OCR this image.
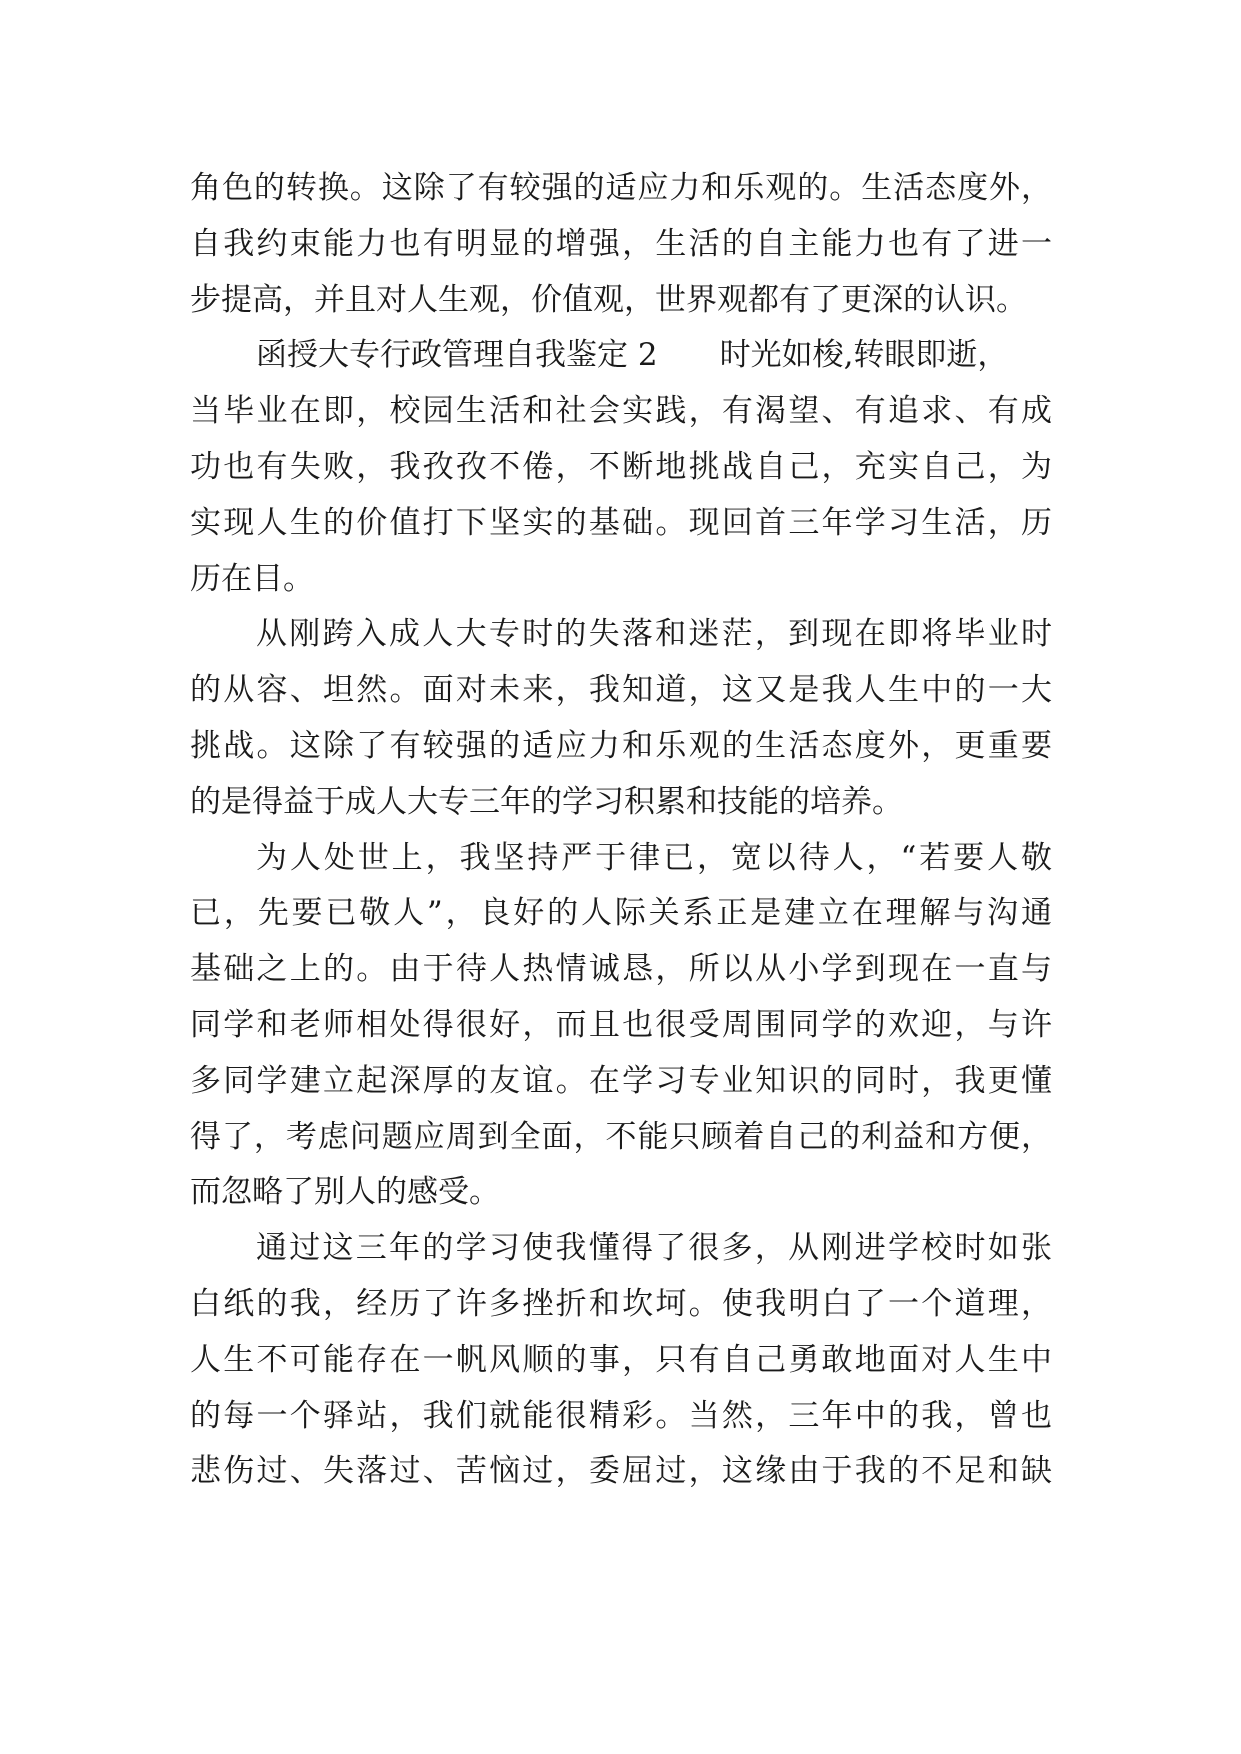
角色的转换。这除了有较强的适应力和乐观的。生活态度外，
自我约束能力也有明显的增强，生活的自主能力也有了进一
步提高，并且对人生观，价值观，世界观都有了更深的认识。
函授大专行政管理自我鉴定 2 时光如梭,转眼即逝，
当毕业在即，校园生活和社会实践，有渴望、有追求、有成
功也有失败，我孜孜不倦，不断地挑战自己，充实自己，为
实现人生的价值打下坚实的基础。现回首三年学习生活，历
历在目。
从刚跨入成人大专时的失落和迷茫，到现在即将毕业时
的从容、坦然。面对未来，我知道，这又是我人生中的一大
挑战。这除了有较强的适应力和乐观的生活态度外，更重要
的是得益于成人大专三年的学习积累和技能的培养。
为人处世上，我坚持严于律已，宽以待人，“若要人敬
已，先要已敬人”，良好的人际关系正是建立在理解与沟通
基础之上的。由于待人热情诚恳，所以从小学到现在一直与
同学和老师相处得很好，而且也很受周围同学的欢迎，与许
多同学建立起深厚的友谊。在学习专业知识的同时，我更懂
得了，考虑问题应周到全面，不能只顾着自己的利益和方便，
而忽略了别人的感受。
通过这三年的学习使我懂得了很多，从刚进学校时如张
白纸的我，经历了许多挫折和坎坷。使我明白了一个道理，
人生不可能存在一帆风顺的事，只有自己勇敢地面对人生中
的每一个驿站，我们就能很精彩。当然，三年中的我，曾也
悲伤过、失落过、苦恼过，委屈过，这缘由于我的不足和缺
